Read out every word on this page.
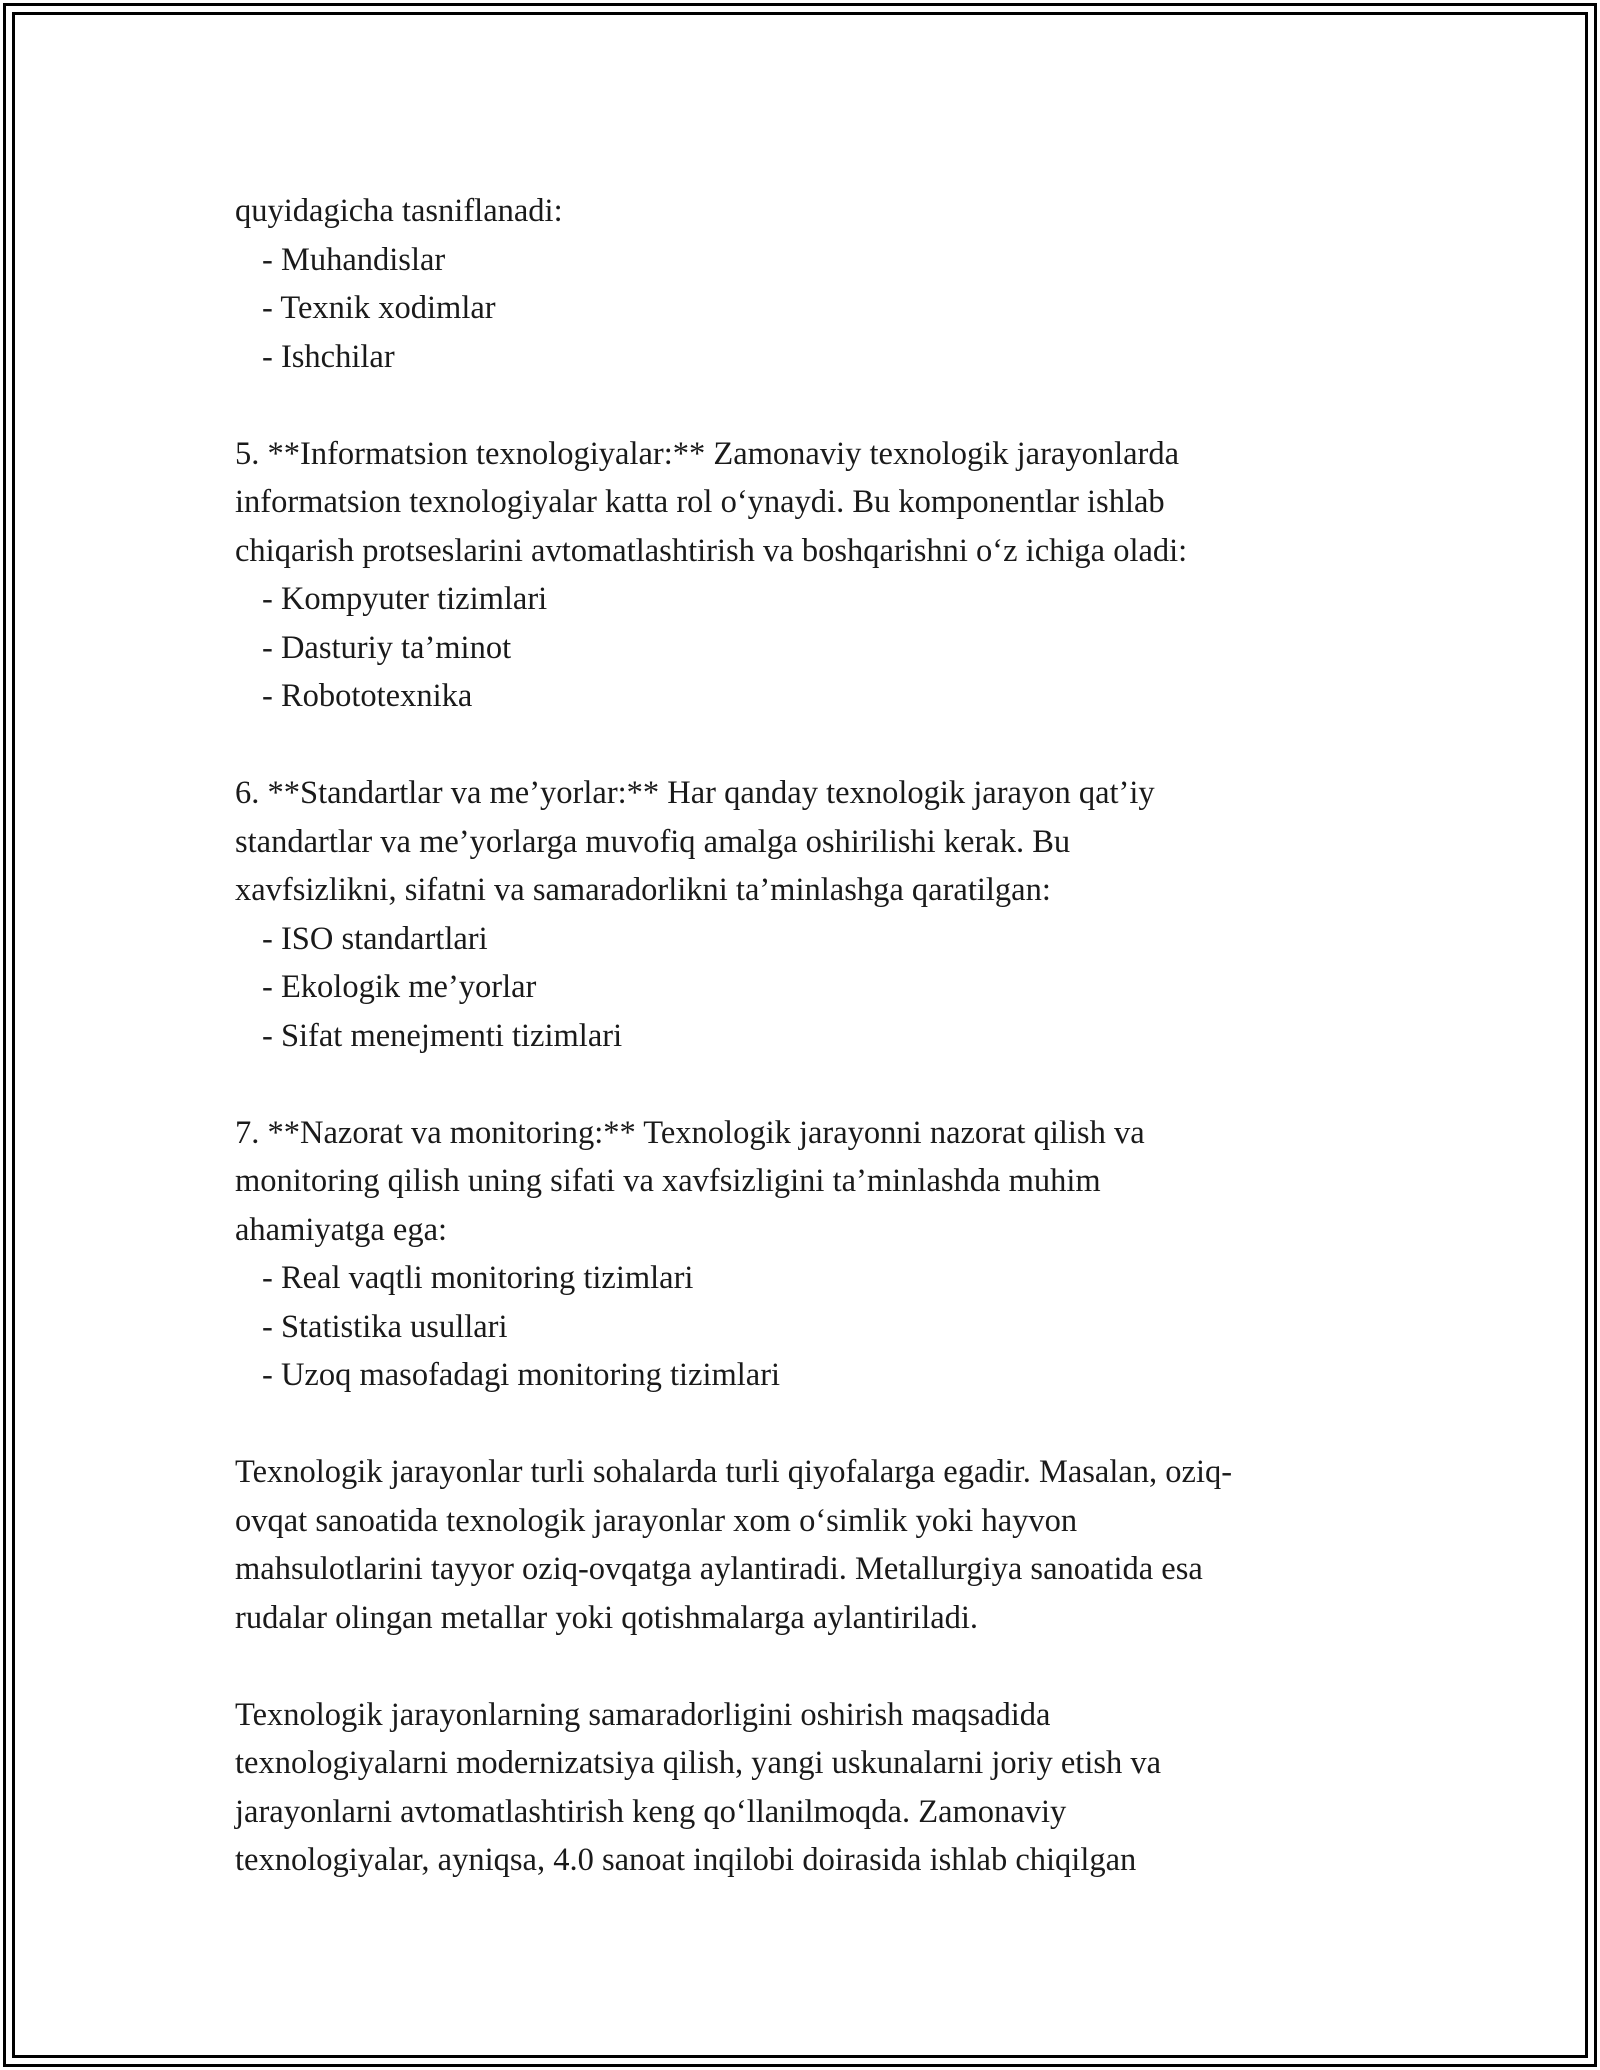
quyidagicha tasniflanadi:
- Muhandislar
- Texnik xodimlar
- Ishchilar
5. **Informatsion texnologiyalar:** Zamonaviy texnologik jarayonlarda
informatsion texnologiyalar katta rol o‘ynaydi. Bu komponentlar ishlab
chiqarish protseslarini avtomatlashtirish va boshqarishni o‘z ichiga oladi:
- Kompyuter tizimlari
- Dasturiy ta’minot
- Robototexnika
6. **Standartlar va me’yorlar:** Har qanday texnologik jarayon qat’iy
standartlar va me’yorlarga muvofiq amalga oshirilishi kerak. Bu
xavfsizlikni, sifatni va samaradorlikni ta’minlashga qaratilgan:
- ISO standartlari
- Ekologik me’yorlar
- Sifat menejmenti tizimlari
7. **Nazorat va monitoring:** Texnologik jarayonni nazorat qilish va
monitoring qilish uning sifati va xavfsizligini ta’minlashda muhim
ahamiyatga ega:
- Real vaqtli monitoring tizimlari
- Statistika usullari
- Uzoq masofadagi monitoring tizimlari
Texnologik jarayonlar turli sohalarda turli qiyofalarga egadir. Masalan, oziq-
ovqat sanoatida texnologik jarayonlar xom o‘simlik yoki hayvon
mahsulotlarini tayyor oziq-ovqatga aylantiradi. Metallurgiya sanoatida esa
rudalar olingan metallar yoki qotishmalarga aylantiriladi.
Texnologik jarayonlarning samaradorligini oshirish maqsadida
texnologiyalarni modernizatsiya qilish, yangi uskunalarni joriy etish va
jarayonlarni avtomatlashtirish keng qo‘llanilmoqda. Zamonaviy
texnologiyalar, ayniqsa, 4.0 sanoat inqilobi doirasida ishlab chiqilgan
